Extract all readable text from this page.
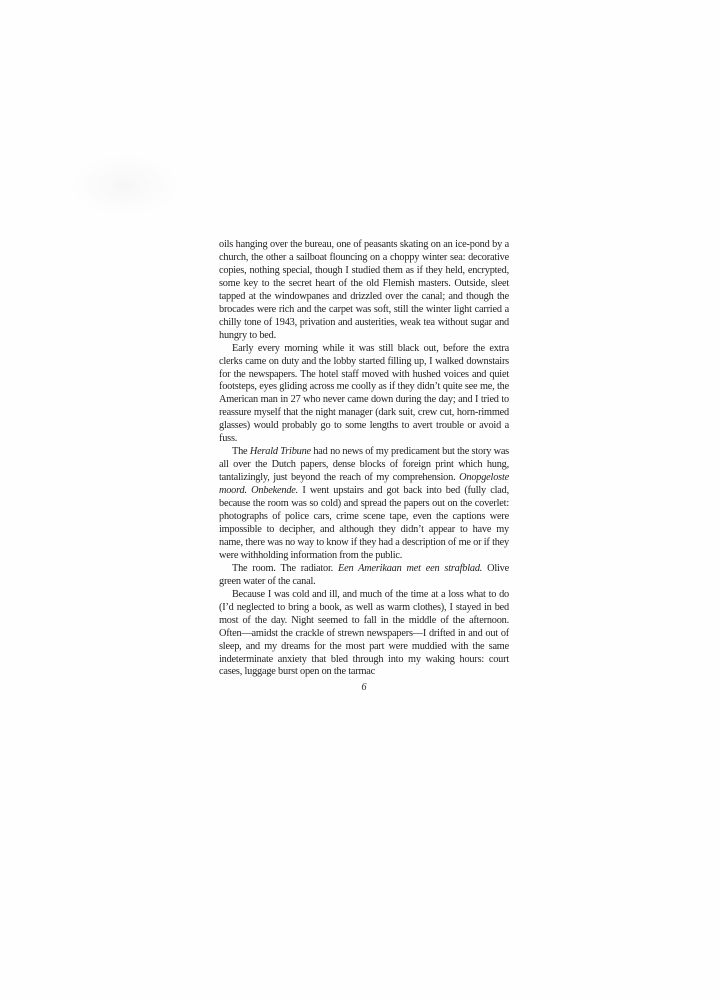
oils hanging over the bureau, one of peasants skating on an ice-pond by a church, the other a sailboat flouncing on a choppy winter sea: decorative copies, nothing special, though I studied them as if they held, encrypted, some key to the secret heart of the old Flemish masters. Outside, sleet tapped at the windowpanes and drizzled over the canal; and though the brocades were rich and the carpet was soft, still the winter light carried a chilly tone of 1943, privation and austerities, weak tea without sugar and hungry to bed.

Early every morning while it was still black out, before the extra clerks came on duty and the lobby started filling up, I walked downstairs for the newspapers. The hotel staff moved with hushed voices and quiet footsteps, eyes gliding across me coolly as if they didn’t quite see me, the American man in 27 who never came down during the day; and I tried to reassure myself that the night manager (dark suit, crew cut, horn-rimmed glasses) would probably go to some lengths to avert trouble or avoid a fuss.

The Herald Tribune had no news of my predicament but the story was all over the Dutch papers, dense blocks of foreign print which hung, tantalizingly, just beyond the reach of my comprehension. Onopgeloste moord. Onbekende. I went upstairs and got back into bed (fully clad, because the room was so cold) and spread the papers out on the coverlet: photographs of police cars, crime scene tape, even the captions were impossible to decipher, and although they didn’t appear to have my name, there was no way to know if they had a description of me or if they were withholding information from the public.

The room. The radiator. Een Amerikaan met een strafblad. Olive green water of the canal.

Because I was cold and ill, and much of the time at a loss what to do (I’d neglected to bring a book, as well as warm clothes), I stayed in bed most of the day. Night seemed to fall in the middle of the afternoon. Often—amidst the crackle of strewn newspapers—I drifted in and out of sleep, and my dreams for the most part were muddied with the same indeterminate anxiety that bled through into my waking hours: court cases, luggage burst open on the tarmac

6
